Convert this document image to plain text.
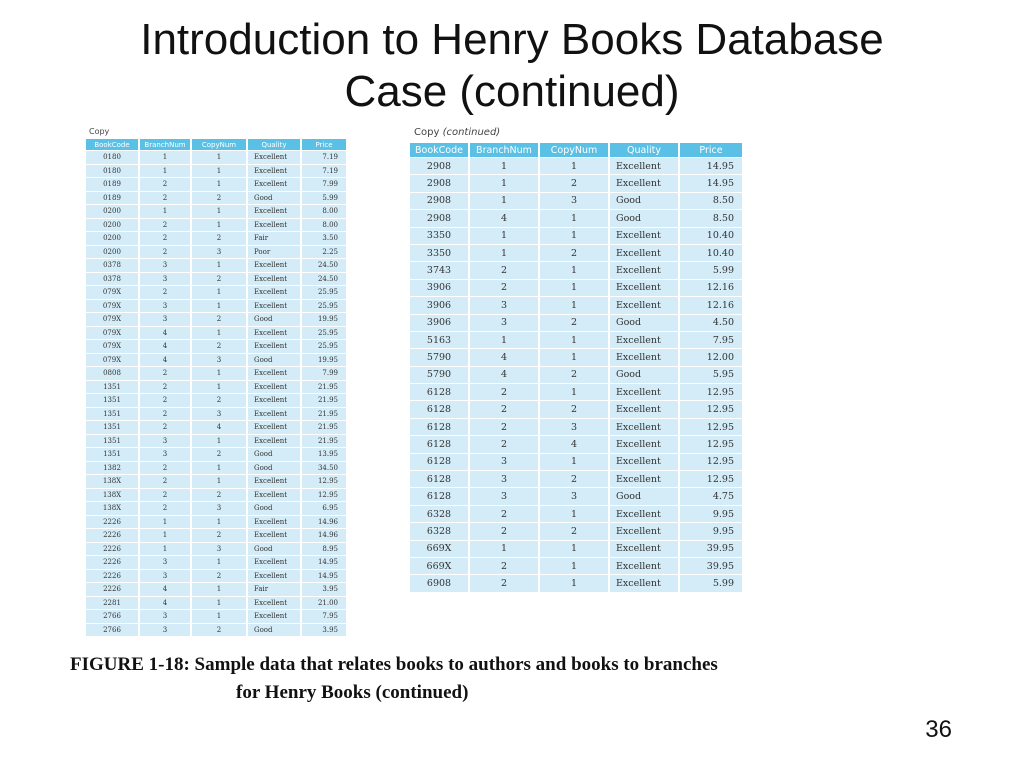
Introduction to Henry Books Database
Case (continued)
Copy
BookCode	BranchNum	CopyNum	Quality	Price
0180	1	1	Excellent	7.19
0180	1	1	Excellent	7.19
0189	2	1	Excellent	7.99
0189	2	2	Good	5.99
0200	1	1	Excellent	8.00
0200	2	1	Excellent	8.00
0200	2	2	Fair	3.50
0200	2	3	Poor	2.25
0378	3	1	Excellent	24.50
0378	3	2	Excellent	24.50
079X	2	1	Excellent	25.95
079X	3	1	Excellent	25.95
079X	3	2	Good	19.95
079X	4	1	Excellent	25.95
079X	4	2	Excellent	25.95
079X	4	3	Good	19.95
0808	2	1	Excellent	7.99
1351	2	1	Excellent	21.95
1351	2	2	Excellent	21.95
1351	2	3	Excellent	21.95
1351	2	4	Excellent	21.95
1351	3	1	Excellent	21.95
1351	3	2	Good	13.95
1382	2	1	Good	34.50
138X	2	1	Excellent	12.95
138X	2	2	Excellent	12.95
138X	2	3	Good	6.95
2226	1	1	Excellent	14.96
2226	1	2	Excellent	14.96
2226	1	3	Good	8.95
2226	3	1	Excellent	14.95
2226	3	2	Excellent	14.95
2226	4	1	Fair	3.95
2281	4	1	Excellent	21.00
2766	3	1	Excellent	7.95
2766	3	2	Good	3.95
Copy (continued)
BookCode	BranchNum	CopyNum	Quality	Price
2908	1	1	Excellent	14.95
2908	1	2	Excellent	14.95
2908	1	3	Good	8.50
2908	4	1	Good	8.50
3350	1	1	Excellent	10.40
3350	1	2	Excellent	10.40
3743	2	1	Excellent	5.99
3906	2	1	Excellent	12.16
3906	3	1	Excellent	12.16
3906	3	2	Good	4.50
5163	1	1	Excellent	7.95
5790	4	1	Excellent	12.00
5790	4	2	Good	5.95
6128	2	1	Excellent	12.95
6128	2	2	Excellent	12.95
6128	2	3	Excellent	12.95
6128	2	4	Excellent	12.95
6128	3	1	Excellent	12.95
6128	3	2	Excellent	12.95
6128	3	3	Good	4.75
6328	2	1	Excellent	9.95
6328	2	2	Excellent	9.95
669X	1	1	Excellent	39.95
669X	2	1	Excellent	39.95
6908	2	1	Excellent	5.99
FIGURE 1-18: Sample data that relates books to authors and books to branches
for Henry Books (continued)
36
